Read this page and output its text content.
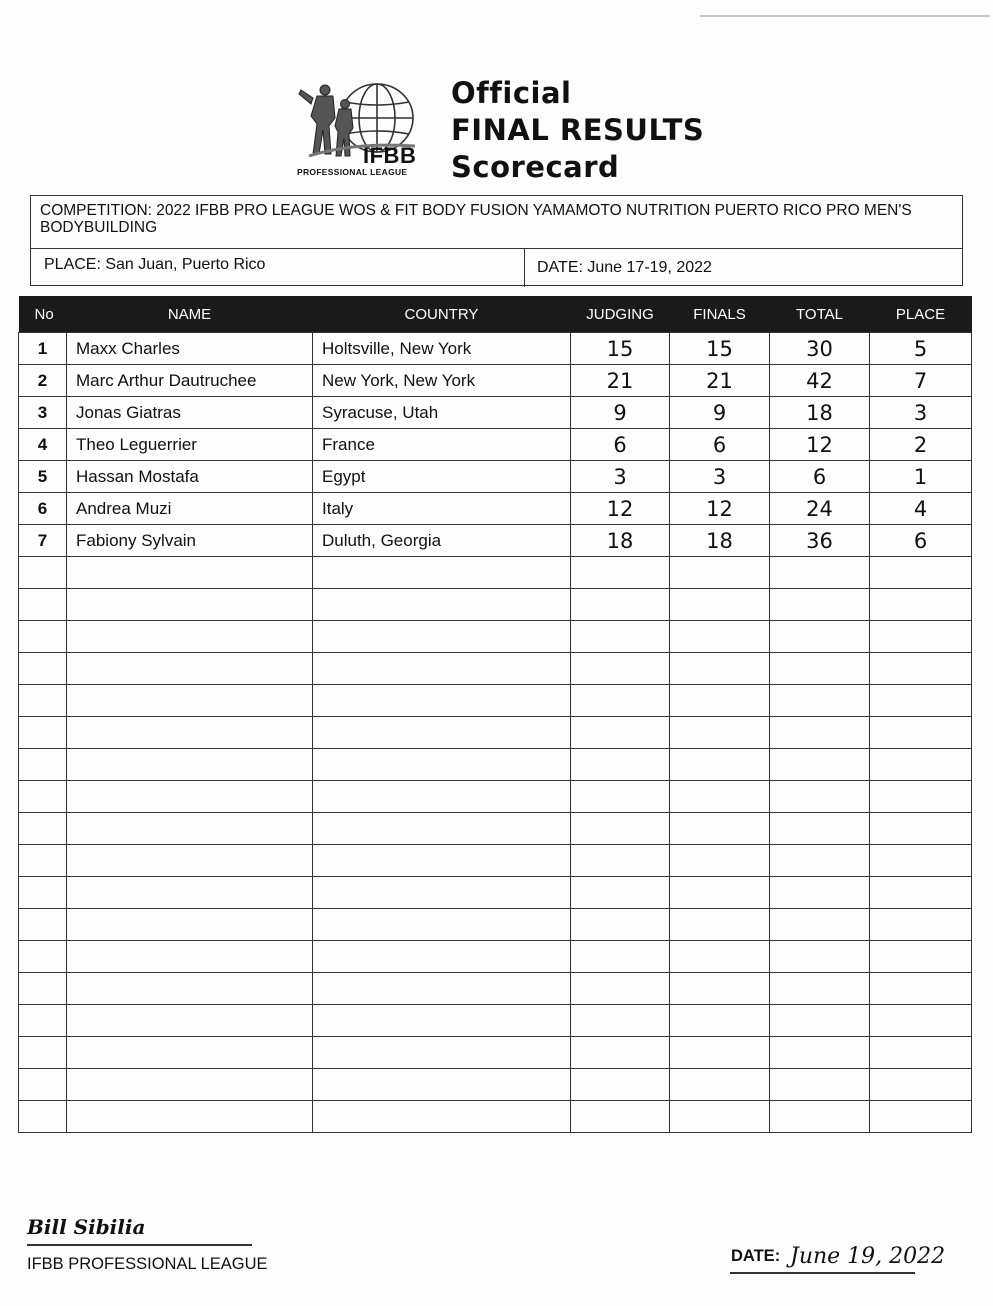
IFBB
PROFESSIONAL LEAGUE
Official
FINAL RESULTS
Scorecard
COMPETITION: 2022 IFBB PRO LEAGUE WOS & FIT BODY FUSION YAMAMOTO NUTRITION PUERTO RICO PRO MEN'S BODYBUILDING
PLACE: San Juan, Puerto Rico	DATE: June 17-19, 2022
No	NAME	COUNTRY	JUDGING	FINALS	TOTAL	PLACE
1	Maxx Charles	Holtsville, New York	15	15	30	5
2	Marc Arthur Dautruchee	New York, New York	21	21	42	7
3	Jonas Giatras	Syracuse, Utah	9	9	18	3
4	Theo Leguerrier	France	6	6	12	2
5	Hassan Mostafa	Egypt	3	3	6	1
6	Andrea Muzi	Italy	12	12	24	4
7	Fabiony Sylvain	Duluth, Georgia	18	18	36	6

Bill Sibilia
IFBB PROFESSIONAL LEAGUE	DATE: June 19, 2022
